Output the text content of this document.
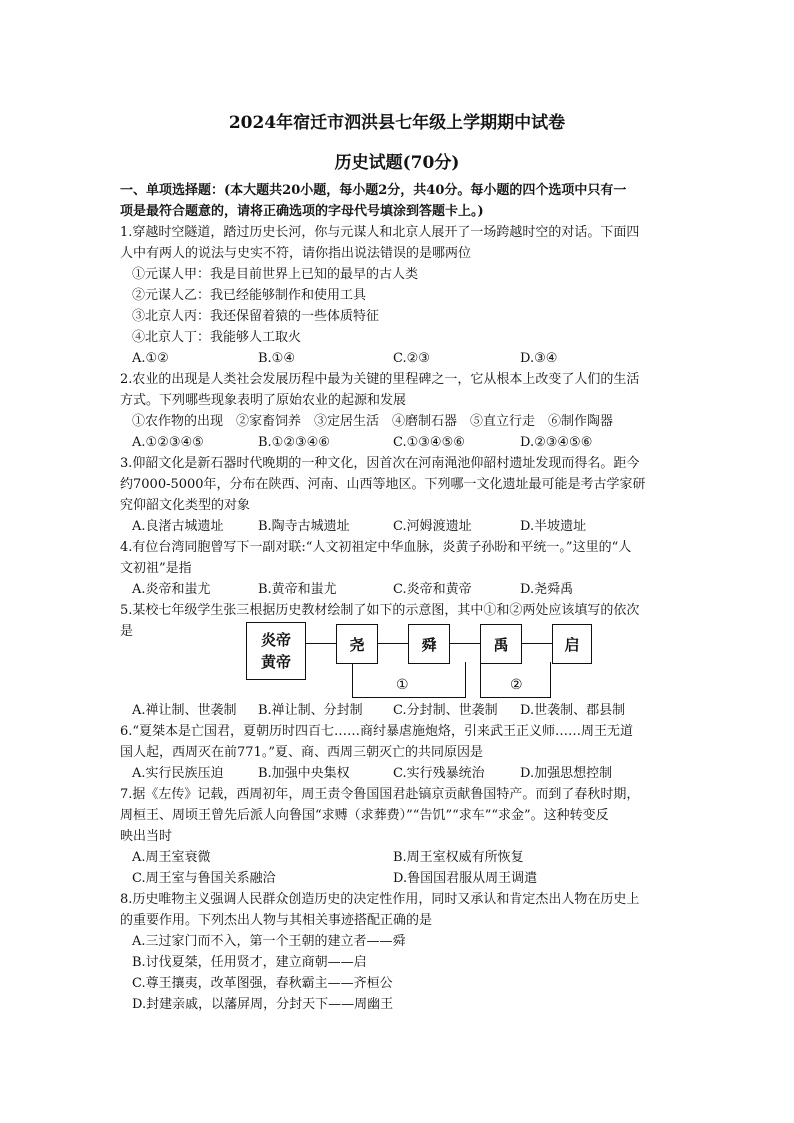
2024年宿迁市泗洪县七年级上学期期中试卷
历史试题(70分)
一、单项选择题：(本大题共20小题，每小题2分，共40分。每小题的四个选项中只有一
项是最符合题意的，请将正确选项的字母代号填涂到答题卡上。)
1.穿越时空隧道，踏过历史长河，你与元谋人和北京人展开了一场跨越时空的对话。下面四
人中有两人的说法与史实不符，请你指出说法错误的是哪两位
①元谋人甲：我是目前世界上已知的最早的古人类
②元谋人乙：我已经能够制作和使用工具
③北京人丙：我还保留着猿的一些体质特征
④北京人丁：我能够人工取火
A.①②	B.①④	C.②③	D.③④
2.农业的出现是人类社会发展历程中最为关键的里程碑之一，它从根本上改变了人们的生活
方式。下列哪些现象表明了原始农业的起源和发展
①农作物的出现　②家畜饲养　③定居生活　④磨制石器　⑤直立行走　⑥制作陶器
A.①②③④⑤	B.①②③④⑥	C.①③④⑤⑥	D.②③④⑤⑥
3.仰韶文化是新石器时代晚期的一种文化，因首次在河南渑池仰韶村遗址发现而得名。距今
约7000-5000年，分布在陕西、河南、山西等地区。下列哪一文化遗址最可能是考古学家研
究仰韶文化类型的对象
A.良渚古城遗址	B.陶寺古城遗址	C.河姆渡遗址	D.半坡遗址
4.有位台湾同胞曾写下一副对联:“人文初祖定中华血脉，炎黄子孙盼和平统一。”这里的“人
文初祖”是指
A.炎帝和蚩尤	B.黄帝和蚩尤	C.炎帝和黄帝	D.尧舜禹
5.某校七年级学生张三根据历史教材绘制了如下的示意图，其中①和②两处应该填写的依次
是	炎帝
黄帝
尧	舜	禹	启
①	②
A.禅让制、世袭制 B.禅让制、分封制 C.分封制、世袭制 D.世袭制、郡县制
6.“夏桀本是亡国君，夏朝历时四百七……商纣暴虐施炮烙，引来武王正义师……周王无道
国人起，西周灭在前771。”夏、商、西周三朝灭亡的共同原因是
A.实行民族压迫	B.加强中央集权	C.实行残暴统治	D.加强思想控制
7.据《左传》记载，西周初年，周王责令鲁国国君赴镐京贡献鲁国特产。而到了春秋时期，
周桓王、周顷王曾先后派人向鲁国“求赙（求葬费）”“告饥”“求车”“求金”。这种转变反
映出当时
A.周王室衰微	B.周王室权威有所恢复
C.周王室与鲁国关系融洽	D.鲁国国君服从周王调遣
8.历史唯物主义强调人民群众创造历史的决定性作用，同时又承认和肯定杰出人物在历史上
的重要作用。下列杰出人物与其相关事迹搭配正确的是
A.三过家门而不入，第一个王朝的建立者——舜
B.讨伐夏桀，任用贤才，建立商朝——启
C.尊王攘夷，改革图强，春秋霸主——齐桓公
D.封建亲戚，以藩屏周，分封天下——周幽王
